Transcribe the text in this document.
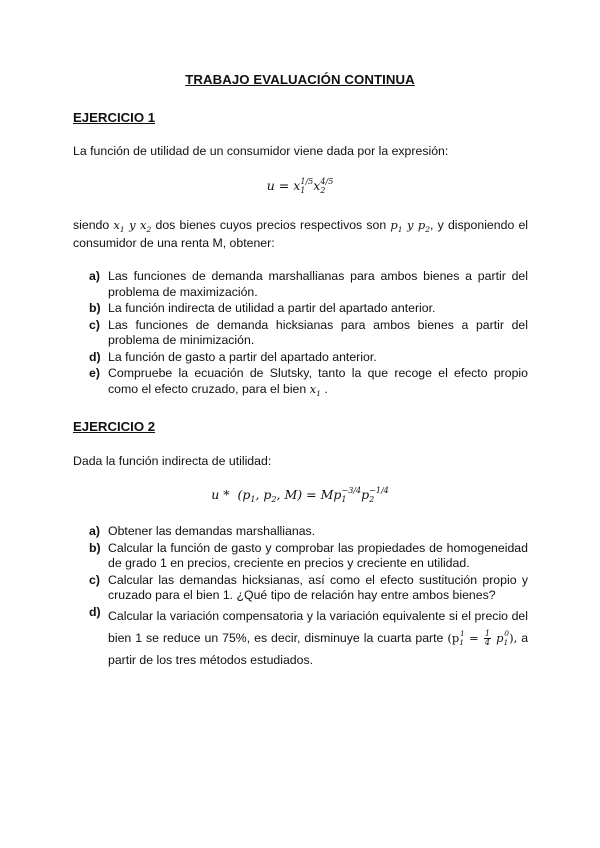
TRABAJO EVALUACIÓN CONTINUA
EJERCICIO 1
La función de utilidad de un consumidor viene dada por la expresión:
$u = x_1^{1/5}x_2^{4/5}$
siendo $x_1$ y $x_2$ dos bienes cuyos precios respectivos son $p_1$ y $p_2$, y disponiendo el
consumidor de una renta M, obtener:
a) Las funciones de demanda marshallianas para ambos bienes a partir del problema de maximización.
b) La función indirecta de utilidad a partir del apartado anterior.
c) Las funciones de demanda hicksianas para ambos bienes a partir del problema de minimización.
d) La función de gasto a partir del apartado anterior.
e) Compruebe la ecuación de Slutsky, tanto la que recoge el efecto propio como el efecto cruzado, para el bien $x_1$ .
EJERCICIO 2
Dada la función indirecta de utilidad:
u * ($p_1$, $p_2$, $M) = Mp_1^{-3/4}p_2^{-1/4}$
a) Obtener las demandas marshallianas.
b) Calcular la función de gasto y comprobar las propiedades de homogeneidad de grado 1 en precios, creciente en precios y creciente en utilidad.
c) Calcular las demandas hicksianas, así como el efecto sustitución propio y cruzado para el bien 1. ¿Qué tipo de relación hay entre ambos bienes?
d) Calcular la variación compensatoria y la variación equivalente si el precio del bien 1 se reduce un 75%, es decir, disminuye la cuarta parte $(p_1^1 = \frac{1}{4} p_1^0)$, a partir de los tres métodos estudiados.
